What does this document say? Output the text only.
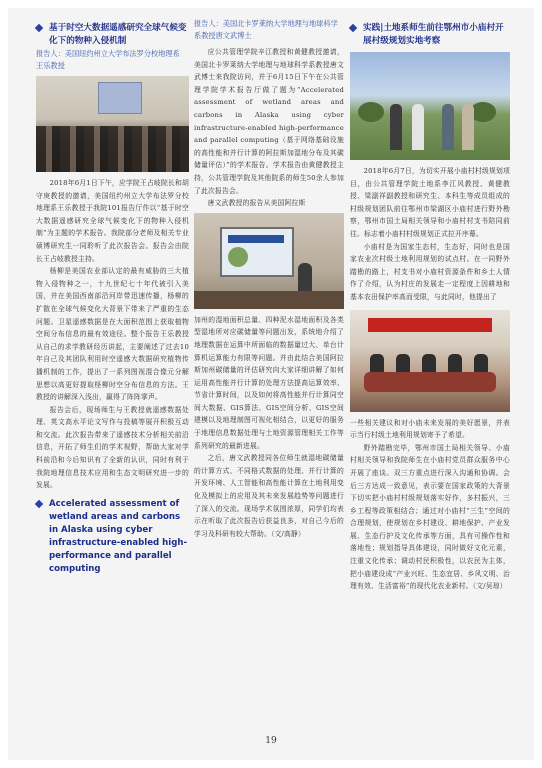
基于时空大数据遥感研究全球气候变化下的物种入侵机制
报告人：美国纽约州立大学布法罗分校地理系 王乐教授

2018年6月1日下午，应学院王占岐院长和胡守庚教授的邀请，美国纽约州立大学布法罗分校地理系王乐教授于我院101报告厅作以“基于时空大数据遥感研究全球气候变化下的物种入侵机制”为主题的学术报告。我院部分老师及相关专业硕博研究生一同聆听了此次报告会。报告会由院长王占岐教授主持。

杨柳是美国农业部认定的最有威胁的三大植物入侵物种之一，十九世纪七十年代被引入美国，并在美国西南部沿河岸带迅速传播，杨柳的扩散在全球气候变化大背景下带来了严重的生态问题。卫星遥感数据是在大面积范围上获取植物空间分布信息的最有效途径。整个报告王乐教授从自己的求学教研经历讲起，主要阐述了过去10年自己及其团队利用时空遥感大数据研究植物传播机制的工作，提出了一系列图视混合像元分解思想以高更好提取柽柳时空分布信息的方法。王教授的讲解深入浅出，赢得了阵阵掌声。

报告会后，现场师生与王教授就遥感数据处理、英文高水平论文写作与投稿等展开积极互动和交流。此次报告带来了遥感技术分析相关前沿信息，开拓了师生们的学术视野，帮助大家对学科前沿和今后知识有了全新的认识，同时有利于我院地理信息技术应用和生态文明研究进一步的发展。

Accelerated assessment of wetland areas and carbons in Alaska using cyber infrastructure-enabled high-performance and parallel computing
报告人：美国北卡罗莱纳大学地理与地球科学系教授唐文武博士

应公共管理学院辛江教授和黄健教授邀请，美国北卡罗莱纳大学地理与地球科学系教授唐文武博士来我院访问，并于6月15日下午在公共管理学院学术报告厅做了题为“Accelerated assessment of wetland areas and carbons in Alaska using cyber infrastructure-enabled high-performance and parallel computing（基于网络基础设施的高性能和并行计算的阿拉斯加湿地分布及其碳储量评估）”的学术报告。学术报告由黄健教授主持，公共管理学院及其他院系的师生50余人参加了此次报告会。

唐文武教授的报告从美国阿拉斯

加州的湿地面积总量、四种泥水湿地面积及各类型湿地所对应碳储量等问题出发，系统地介绍了地理数据在运算中所面临的数据量过大、单台计算机运算能力有限等问题。并由此结合美国阿拉斯加州碳储量的评估研究向大家详细讲解了如何运用高性能并行计算的处理方法提高运算效率、节省计算时间，以及如何将高性能并行计算同空间大数据、GIS算法、GIS空间分析、GIS空间建模以及地理制图可视化相结合，以更好的服务于地理信息数据处理与土地资源管理相关工作等系列研究的最新进展。

之后，唐文武教授同各位师生就湿地碳储量的计算方式、不同格式数据的处理、并行计算的开发环境、人工智能和高性能计算在土地利用变化及模拟上的应用及其未来发展趋势等问题进行了深入的交流。现场学术氛围浓厚，同学们均表示在听取了此次报告后获益良多，对自己今后的学习及科研有较大帮助。（文/高静）

实践|土地系师生前往鄂州市小庙村开展村级规划实地考察

2018年6月7日，为切实开展小庙村村级规划项目，由公共管理学院土地系李江风教授、黄健教授、梁副祥副教授和研究生、本科生等成员组成的村级规划团队前往鄂州市梁湖区小庙村进行野外勘察，鄂州市国土局相关领导和小庙村村支书陪同前往。标志着小庙村村级规划正式拉开序幕。

小庙村是为国家生态村，生态好，同时也是国家农业次村级土地利用规划的试点村。在一同野外踏勘的路上，村支书对小庙村资源条件和乡土人情作了介绍，认为村庄的发展走一定程度上因耕地和基本农田保护率高而受限，与此同时，他提出了

一些相关建议和对小庙未来发展的美好愿景，并表示当行村级土地利用规划寄予了希望。

野外踏勘完毕，鄂州市国土局相关领导、小庙村相关领导和我院师生在小庙村党员群众服务中心开展了座谈。双三方重点进行深入沟通和协调。会后三方达成一致意见，表示要在国家政策的大背景下切实把小庙村村级规划落实好作，多村振兴，三乡工程等政策相结合；通过对小庙村“三生”空间的合理规划，使规划在乡村建设、耕地保护、产业发展、生态行护及文化传承等方面，具有可操作性和落地性；规划指导具体建设，同时做好文化元素，注重文化传承；调动村民积极性，以农民为主体，把小庙建设成“产业兴旺、生态宜居、乡风文明、治理有效、生活富裕”的现代化农业新村。（文/吴琼）

19
